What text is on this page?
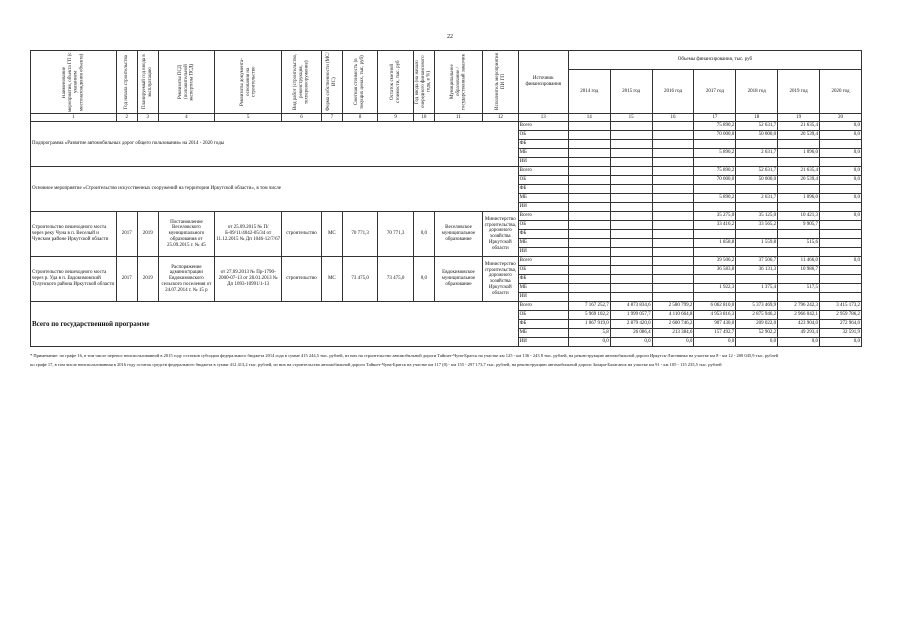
22
Наименование мероприятия, объекта ГП (с указанием местонахождения объекта)	Год начала строительства	Планируемый год ввода в эксплуатацию	Реквизиты ПСД (положительной экспертизы ПСД)	Реквизиты документа-основания на строительство	Вид работ (строительство, реконструкция, техперевооружение)	Форма собственности (МС/ИС)	Сметная стоимость (в текущих ценах, тыс. руб)	Остаток сметной стоимости, тыс. руб	Год ввода (на начало очередного финансового года, в %)	Муниципальное образование / государственный заказчик	Исполнитель мероприятия ПИ ГП	Источник финансирования	Объемы финансирования, тыс. руб						
													2014 год	2015 год	2016 год	2017 год	2018 год	2019 год	2020 год
1	2	3	4	5	6	7	8	9	10	11	12	13	14	15	16	17	18	19	20
Подпрограмма «Развитие автомобильных дорог общего пользования» на 2014 - 2020 годы												Всего				75 890,2	52 631,7	21 635,4	0,0
												ОБ				70 000,0	50 000,0	20 539,4	0,0
												ФБ							
												МБ				5 890,2	2 631,7	1 096,0	0,0
												ИИ							
Основное мероприятие «Строительство искусственных сооружений на территории Иркутской области», в том числе												Всего				75 890,2	52 631,7	21 635,4	0,0
												ОБ				70 000,0	50 000,0	20 539,4	0,0
												ФБ							
												МБ				5 890,2	2 631,7	1 096,0	0,0
												ИИ							
Строительство пешеходного моста через реку Чуна в п. Веселый и Чунском районе Иркутской области	2017	2019	Постановление Веселовского муниципального образования от 25.09.2015 г. № 45	от 25.09.2015 № П/Б-09/11/4042-05/34 от 11.12.2015 № Дп 1046-12/7/67	строительство	МС	70 771,3	70 771,3	0,0	Веселовское муниципальное образование	Министерство строительства, дорожного хозяйства Иркутской области	Всего				35 275,0	35 125,0	10 421,3	0,0
												ОБ				33 416,2	33 565,2	9 905,7	
												ФБ							
												МБ				1 858,8	1 559,8	515,6	
												ИИ							
Строительство пешеходного моста через р. Уда в п. Евдокимовский Тулунского района Иркутской области	2017	2019	Распоряжение администрации Евдокимовского сельского поселения от 24.07.2014 г. № 15 р	от 27.09.2013 № Пр-1790-2000-07-13 от 28.01.2013 № Дп 1093-10991/1-13	строительство	МС	73 475,0	73 475,0	0,0	Евдокимовское муниципальное образование	Министерство строительства, дорожного хозяйства Иркутской области	Всего				39 506,2	37 506,7	11 466,0	0,0
												ОБ				36 583,8	36 131,3	10 986,7	
												ФБ							
												МБ				1 922,3	1 375,4	517,5	
												ИИ							
Всего по государственной программе												Всего	7 167 252,7	4 873 834,6	2 580 799,2	6 062 810,0	5 373 469,9	2 796 242,3	3 415 173,2
												ОБ	5 969 102,2	1 999 057,7	4 110 664,8	4 953 816,3	2 875 946,2	2 966 042,1	2 959 786,2
												ФБ	1 067 919,0	2 879 420,0	2 600 746,2	907 430,0	209 022,0	423 904,0	272 964,0
												МБ	5,8	26 086,4	213 384,6	157 492,7	52 902,2	49 293,4	32 591,9
												ИИ	0,0	0,0	0,0	0,0	0,0	0,0	0,0
* Примечание: по графе 16, в том числе перенос неиспользованной в 2015 году остатков субсидии федерального бюджета 2014 года в сумме 415 244,5 тыс. рублей, из них на строительство автомобильной дороги Тайшет-Чуна-Братск на участке км 125 - км 136 - 243 8 тыс. рублей, на реконструкцию автомобильной дороги Иркутск-Листвянка на участке км 8 - км 12 - 200 045,9 тыс. рублей
по графе 17, в том числе неиспользованная в 2016 году остаток средств федерального бюджета в сумме 412 413,2 тыс. рублей, из них на строительство автомобильной дороги Тайшет-Чуна-Братск на участке км 117 (0) - км 155 - 297 173,7 тыс. рублей, на реконструкцию автомобильной дороги Залари-Балаганск на участке км 91 - км 105 - 115 235,5 тыс. рублей
